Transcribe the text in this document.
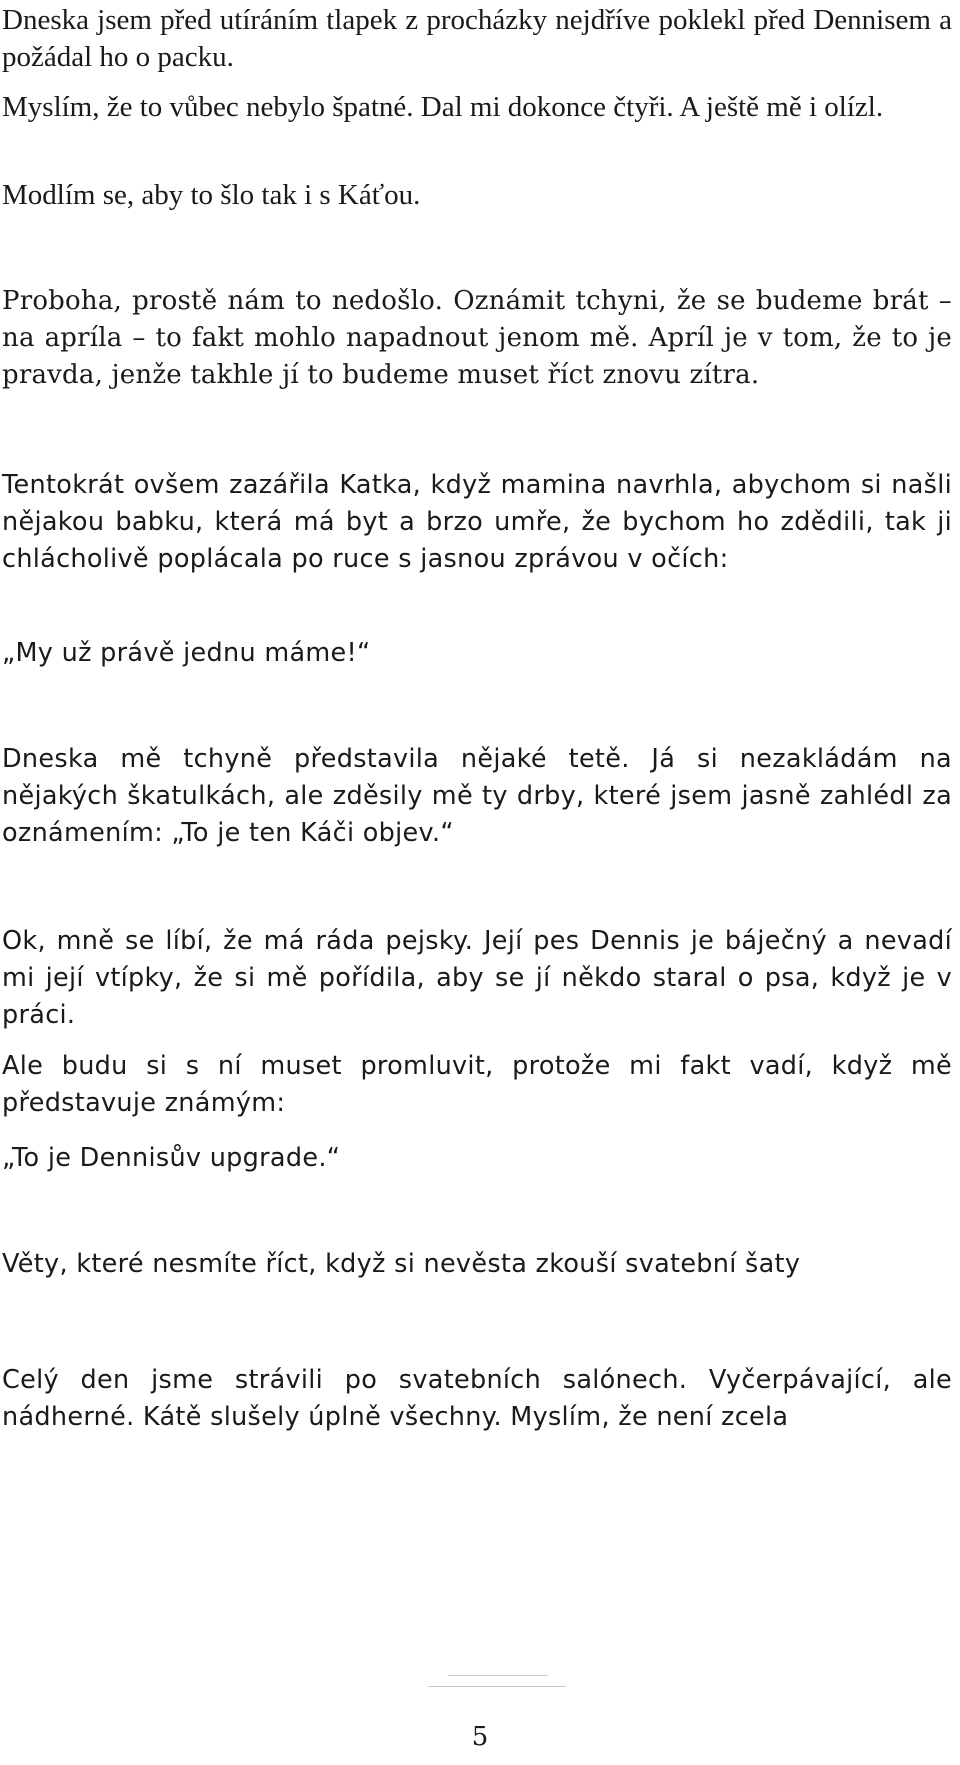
Dneska jsem před utíráním tlapek z procházky nejdříve poklekl před Dennisem a požádal ho o packu.

Myslím, že to vůbec nebylo špatné. Dal mi dokonce čtyři. A ještě mě i olízl.

Modlím se, aby to šlo tak i s Káťou.

Proboha, prostě nám to nedošlo. Oznámit tchyni, že se budeme brát – na apríla – to fakt mohlo napadnout jenom mě. Apríl je v tom, že to je pravda, jenže takhle jí to budeme muset říct znovu zítra.

Tentokrát ovšem zazářila Katka, když mamina navrhla, abychom si našli nějakou babku, která má byt a brzo umře, že bychom ho zdědili, tak ji chlácholivě poplácala po ruce s jasnou zprávou v očích:

„My už právě jednu máme!“

Dneska mě tchyně představila nějaké tetě. Já si nezakládám na nějakých škatulkách, ale zděsily mě ty drby, které jsem jasně zahlédl za oznámením: „To je ten Káči objev.“

Ok, mně se líbí, že má ráda pejsky. Její pes Dennis je báječný a nevadí mi její vtípky, že si mě pořídila, aby se jí někdo staral o psa, když je v práci.

Ale budu si s ní muset promluvit, protože mi fakt vadí, když mě představuje známým:

„To je Dennisův upgrade.“

Věty, které nesmíte říct, když si nevěsta zkouší svatební šaty

Celý den jsme strávili po svatebních salónech. Vyčerpávající, ale nádherné. Kátě slušely úplně všechny. Myslím, že není zcela

5
